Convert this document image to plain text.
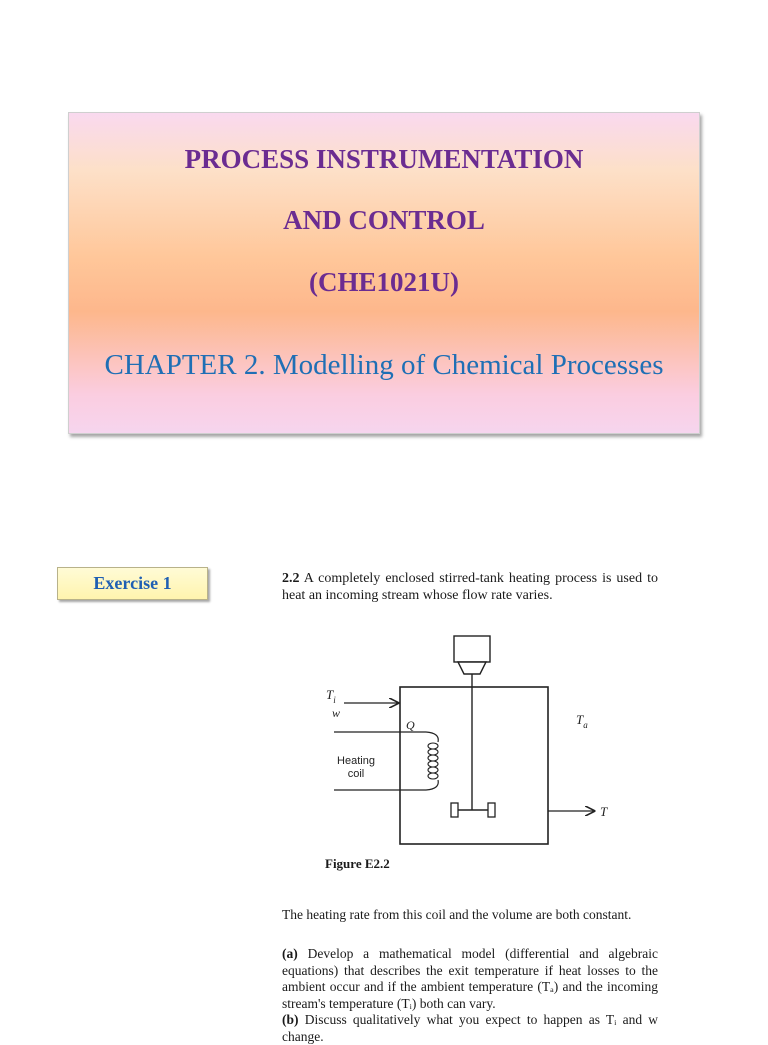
PROCESS INSTRUMENTATION
AND CONTROL
(CHE1021U)
CHAPTER 2. Modelling of Chemical Processes
Exercise 1	2.2 A completely enclosed stirred-tank heating process is used to heat an incoming stream whose flow rate varies.
$T_i$
w
Q	$T_a$
Heating
coil
T
Figure E2.2
The heating rate from this coil and the volume are both constant.
(a) Develop a mathematical model (differential and algebraic equations) that describes the exit temperature if heat losses to the ambient occur and if the ambient temperature (Tₐ) and the incoming stream's temperature (Tᵢ) both can vary.
(b) Discuss qualitatively what you expect to happen as Tᵢ and w change.
